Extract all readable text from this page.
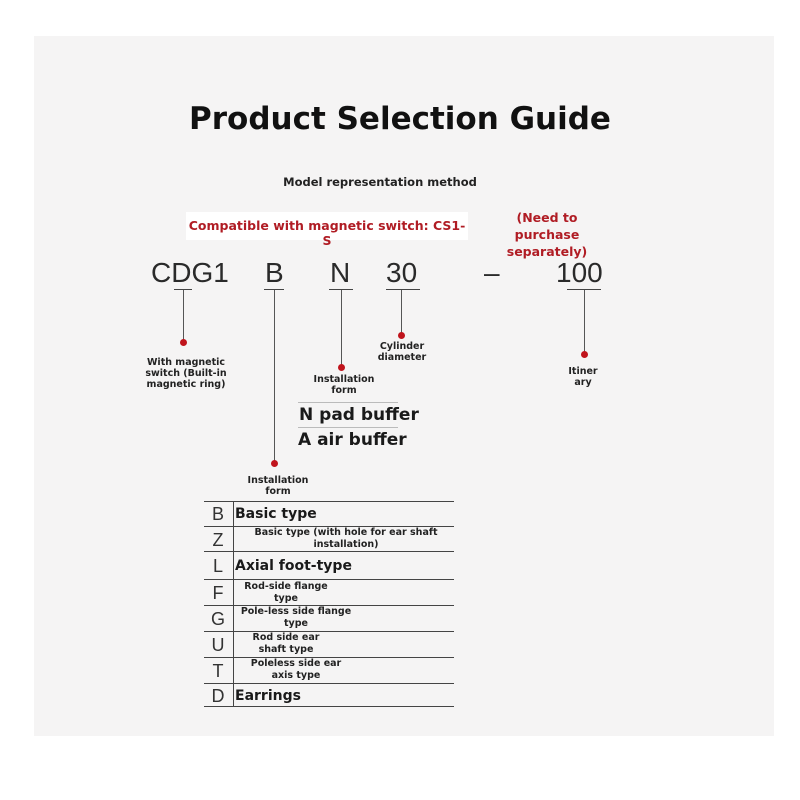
Product Selection Guide
Model representation method
Compatible with magnetic switch: CS1-S
(Need to purchase separately)
CDG1 B N 30 – 100
With magnetic switch (Built-in magnetic ring)
Cylinder diameter
Installation form
Itiner ary
Installation form
N pad buffer
A air buffer
B Basic type
Z	Basic type (with hole for ear shaft installation)
L Axial foot-type
F	Rod-side flange type
G	Pole-less side flange type
U	Rod side ear shaft type
T	Poleless side ear axis type
D Earrings
